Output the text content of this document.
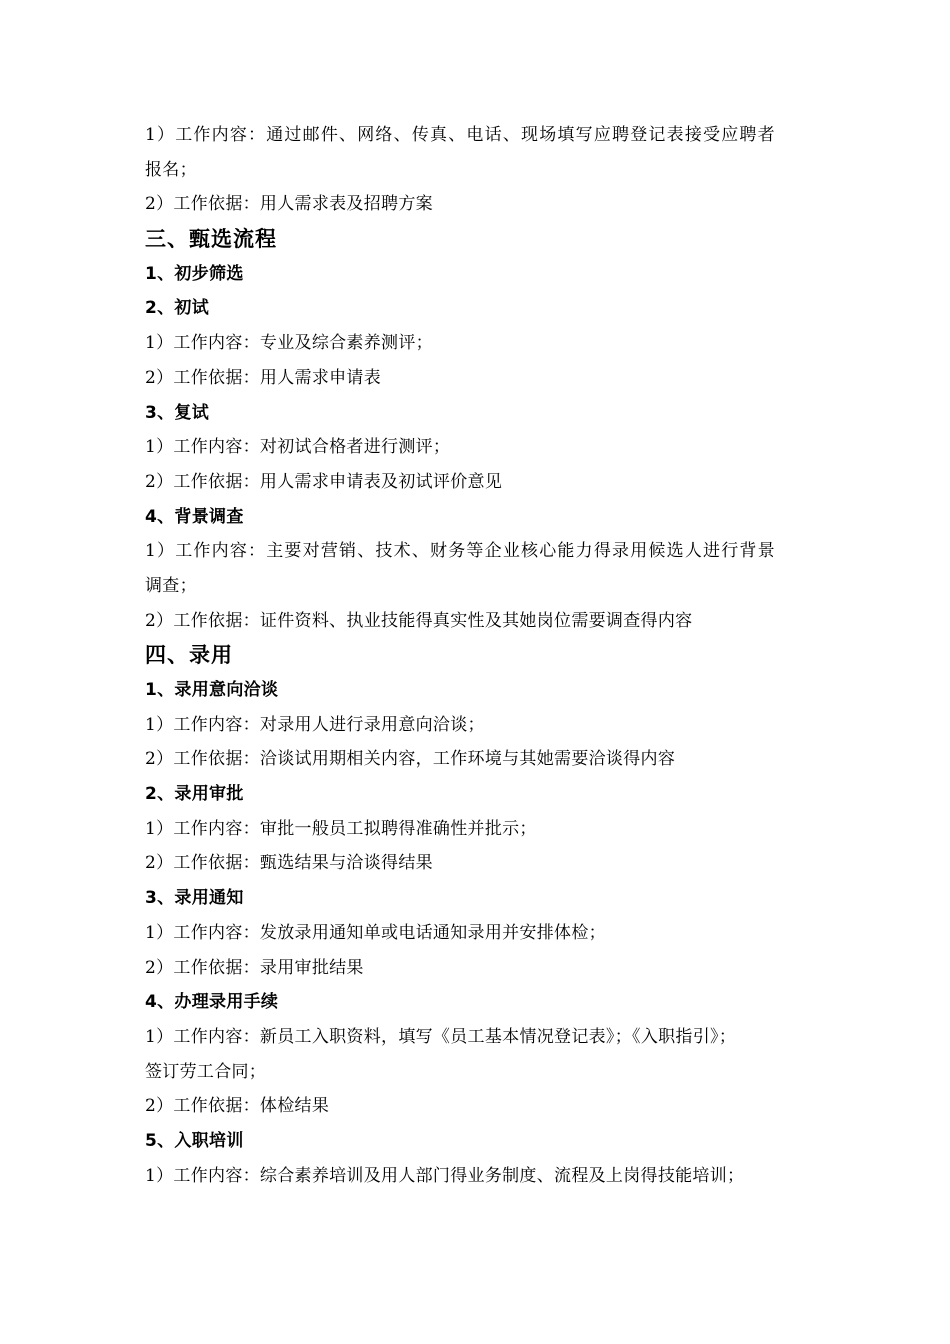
1）工作内容：通过邮件、网络、传真、电话、现场填写应聘登记表接受应聘者
报名；
2）工作依据：用人需求表及招聘方案
三、甄选流程
1、初步筛选
2、初试
1）工作内容：专业及综合素养测评；
2）工作依据：用人需求申请表
3、复试
1）工作内容：对初试合格者进行测评；
2）工作依据：用人需求申请表及初试评价意见
4、背景调查
1）工作内容：主要对营销、技术、财务等企业核心能力得录用候选人进行背景
调查；
2）工作依据：证件资料、执业技能得真实性及其她岗位需要调查得内容
四、录用
1、录用意向洽谈
1）工作内容：对录用人进行录用意向洽谈；
2）工作依据：洽谈试用期相关内容，工作环境与其她需要洽谈得内容
2、录用审批
1）工作内容：审批一般员工拟聘得准确性并批示；
2）工作依据：甄选结果与洽谈得结果
3、录用通知
1）工作内容：发放录用通知单或电话通知录用并安排体检；
2）工作依据：录用审批结果
4、办理录用手续
1）工作内容：新员工入职资料，填写《员工基本情况登记表》；《入职指引》；
签订劳工合同；
2）工作依据：体检结果
5、入职培训
1）工作内容：综合素养培训及用人部门得业务制度、流程及上岗得技能培训；
